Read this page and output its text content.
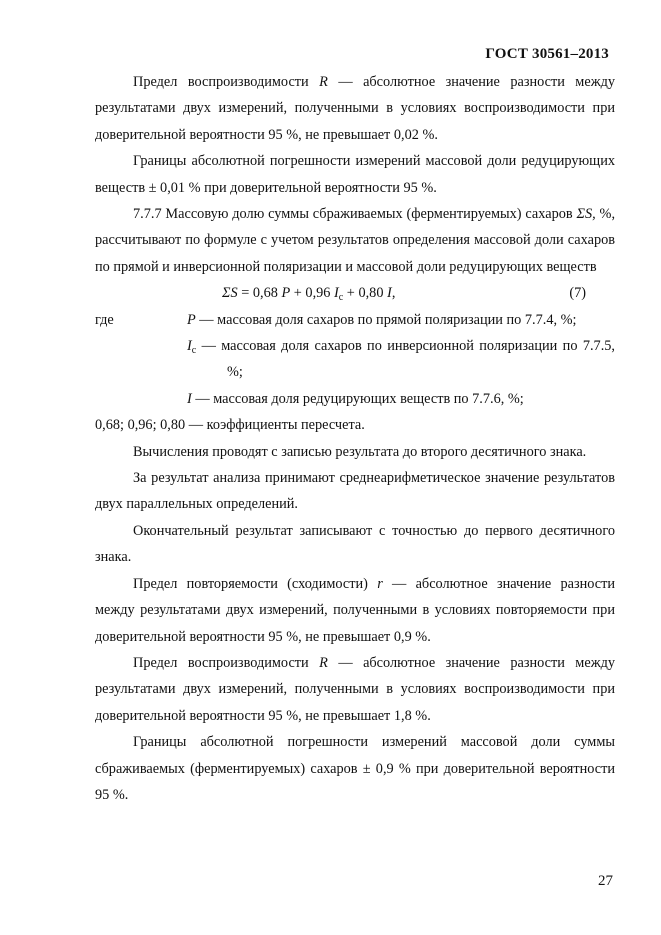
ГОСТ 30561–2013

Предел воспроизводимости R — абсолютное значение разности между результатами двух измерений, полученными в условиях воспроизводимости при доверительной вероятности 95 %, не превышает 0,02 %.

Границы абсолютной погрешности измерений массовой доли редуцирующих веществ ± 0,01 % при доверительной вероятности 95 %.

7.7.7 Массовую долю суммы сбраживаемых (ферментируемых) сахаров ΣS, %, рассчитывают по формуле с учетом результатов определения массовой доли сахаров по прямой и инверсионной поляризации и массовой доли редуцирующих веществ

ΣS = 0,68 P + 0,96 $I_c + 0,80$ I,	(7)
где	P — массовая доля сахаров по прямой поляризации по 7.7.4, %;
$I_c$ — массовая доля сахаров по инверсионной поляризации по 7.7.5, %;
I — массовая доля редуцирующих веществ по 7.7.6, %;

0,68; 0,96; 0,80 — коэффициенты пересчета.

Вычисления проводят с записью результата до второго десятичного знака.

За результат анализа принимают среднеарифметическое значение результатов двух параллельных определений.

Окончательный результат записывают с точностью до первого десятичного знака.

Предел повторяемости (сходимости) r — абсолютное значение разности между результатами двух измерений, полученными в условиях повторяемости при доверительной вероятности 95 %, не превышает 0,9 %.

Предел воспроизводимости R — абсолютное значение разности между результатами двух измерений, полученными в условиях воспроизводимости при доверительной вероятности 95 %, не превышает 1,8 %.

Границы абсолютной погрешности измерений массовой доли суммы сбраживаемых (ферментируемых) сахаров ± 0,9 % при доверительной вероятности 95 %.

27
